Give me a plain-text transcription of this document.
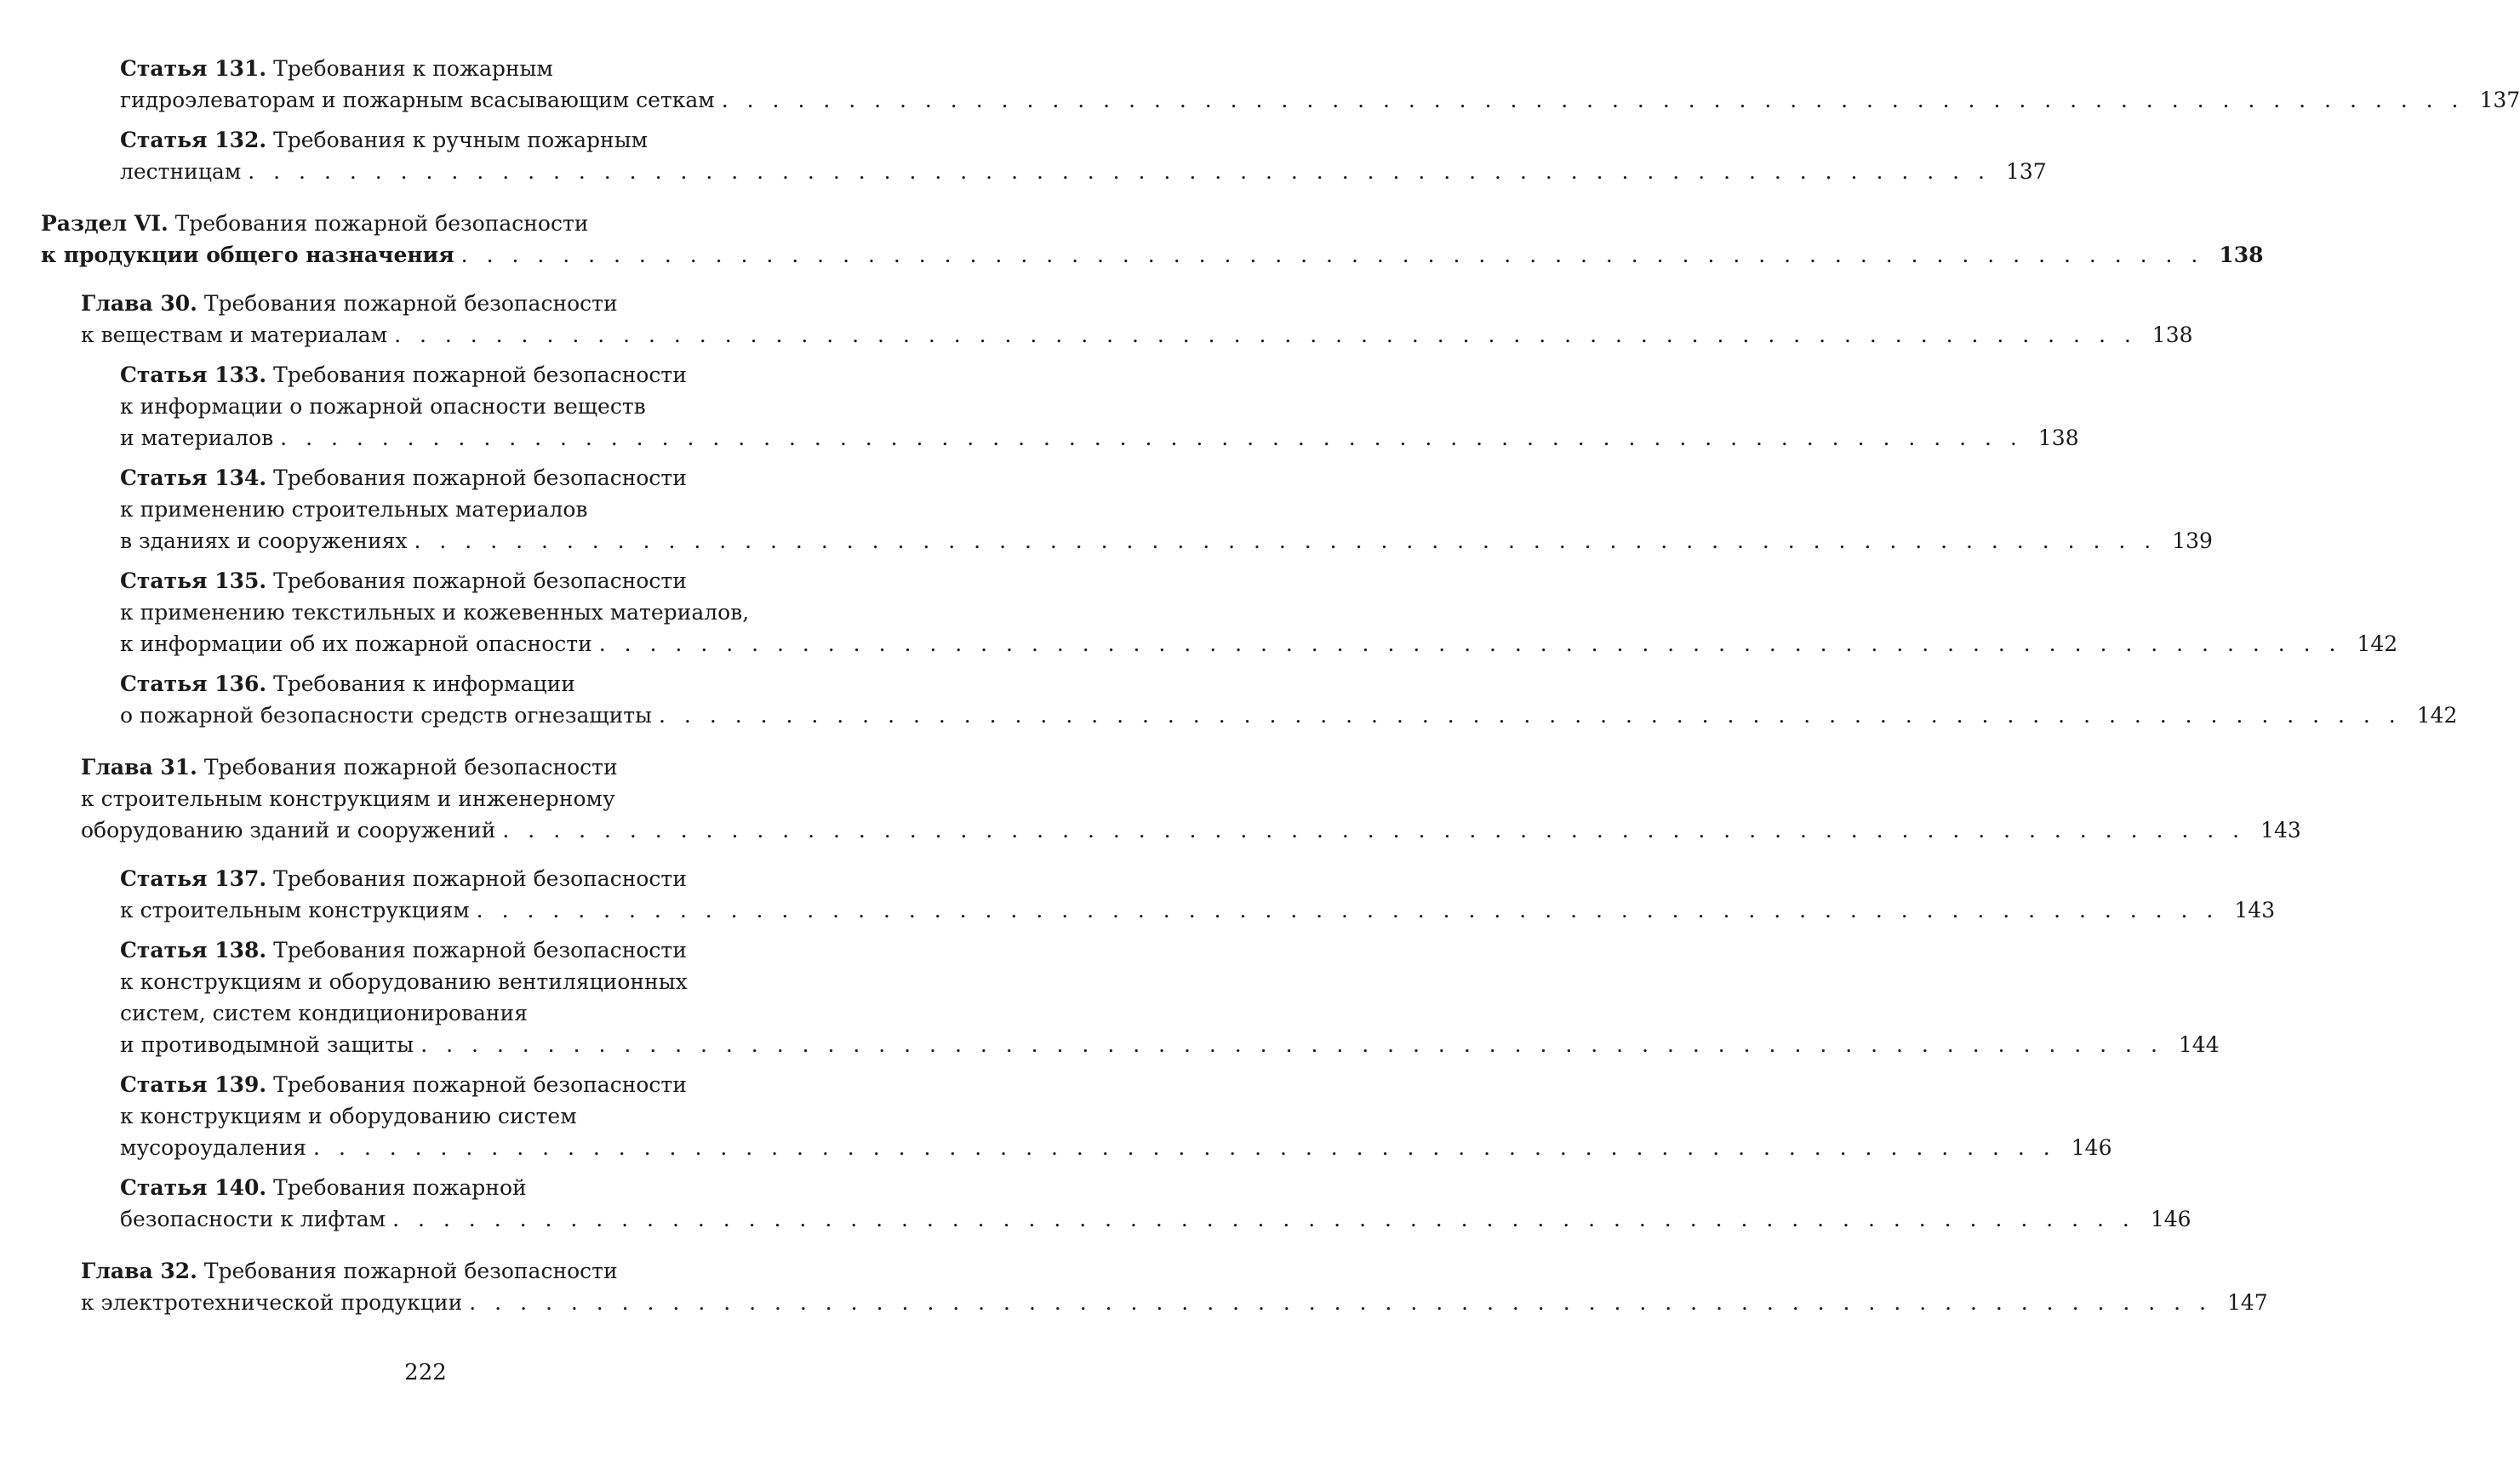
Статья 131. Требования к пожарным
гидроэлеваторам и пожарным всасывающим сеткам . . . . . . . . . . . . . . . . . . . . . . . . . . . . . . . . . . . . . . . . . . . . . . . . . . . . . . . . . . . . . . . . . . . . . 137
Статья 132. Требования к ручным пожарным
лестницам . . . . . . . . . . . . . . . . . . . . . . . . . . . . . . . . . . . . . . . . . . . . . . . . . . . . . . . . . . . . . . . . . . . . . 137
Раздел VI. Требования пожарной безопасности
к продукции общего назначения . . . . . . . . . . . . . . . . . . . . . . . . . . . . . . . . . . . . . . . . . . . . . . . . . . . . . . . . . . . . . . . . . . . . . 138
Глава 30. Требования пожарной безопасности
к веществам и материалам . . . . . . . . . . . . . . . . . . . . . . . . . . . . . . . . . . . . . . . . . . . . . . . . . . . . . . . . . . . . . . . . . . . . . 138
Статья 133. Требования пожарной безопасности
к информации о пожарной опасности веществ
и материалов . . . . . . . . . . . . . . . . . . . . . . . . . . . . . . . . . . . . . . . . . . . . . . . . . . . . . . . . . . . . . . . . . . . . . 138
Статья 134. Требования пожарной безопасности
к применению строительных материалов
в зданиях и сооружениях . . . . . . . . . . . . . . . . . . . . . . . . . . . . . . . . . . . . . . . . . . . . . . . . . . . . . . . . . . . . . . . . . . . . . 139
Статья 135. Требования пожарной безопасности
к применению текстильных и кожевенных материалов,
к информации об их пожарной опасности . . . . . . . . . . . . . . . . . . . . . . . . . . . . . . . . . . . . . . . . . . . . . . . . . . . . . . . . . . . . . . . . . . . . . 142
Статья 136. Требования к информации
о пожарной безопасности средств огнезащиты . . . . . . . . . . . . . . . . . . . . . . . . . . . . . . . . . . . . . . . . . . . . . . . . . . . . . . . . . . . . . . . . . . . . . 142
Глава 31. Требования пожарной безопасности
к строительным конструкциям и инженерному
оборудованию зданий и сооружений . . . . . . . . . . . . . . . . . . . . . . . . . . . . . . . . . . . . . . . . . . . . . . . . . . . . . . . . . . . . . . . . . . . . . 143
Статья 137. Требования пожарной безопасности
к строительным конструкциям . . . . . . . . . . . . . . . . . . . . . . . . . . . . . . . . . . . . . . . . . . . . . . . . . . . . . . . . . . . . . . . . . . . . . 143
Статья 138. Требования пожарной безопасности
к конструкциям и оборудованию вентиляционных
систем, систем кондиционирования
и противодымной защиты . . . . . . . . . . . . . . . . . . . . . . . . . . . . . . . . . . . . . . . . . . . . . . . . . . . . . . . . . . . . . . . . . . . . . 144
Статья 139. Требования пожарной безопасности
к конструкциям и оборудованию систем
мусороудаления . . . . . . . . . . . . . . . . . . . . . . . . . . . . . . . . . . . . . . . . . . . . . . . . . . . . . . . . . . . . . . . . . . . . . 146
Статья 140. Требования пожарной
безопасности к лифтам . . . . . . . . . . . . . . . . . . . . . . . . . . . . . . . . . . . . . . . . . . . . . . . . . . . . . . . . . . . . . . . . . . . . . 146
Глава 32. Требования пожарной безопасности
к электротехнической продукции . . . . . . . . . . . . . . . . . . . . . . . . . . . . . . . . . . . . . . . . . . . . . . . . . . . . . . . . . . . . . . . . . . . . . 147
222
